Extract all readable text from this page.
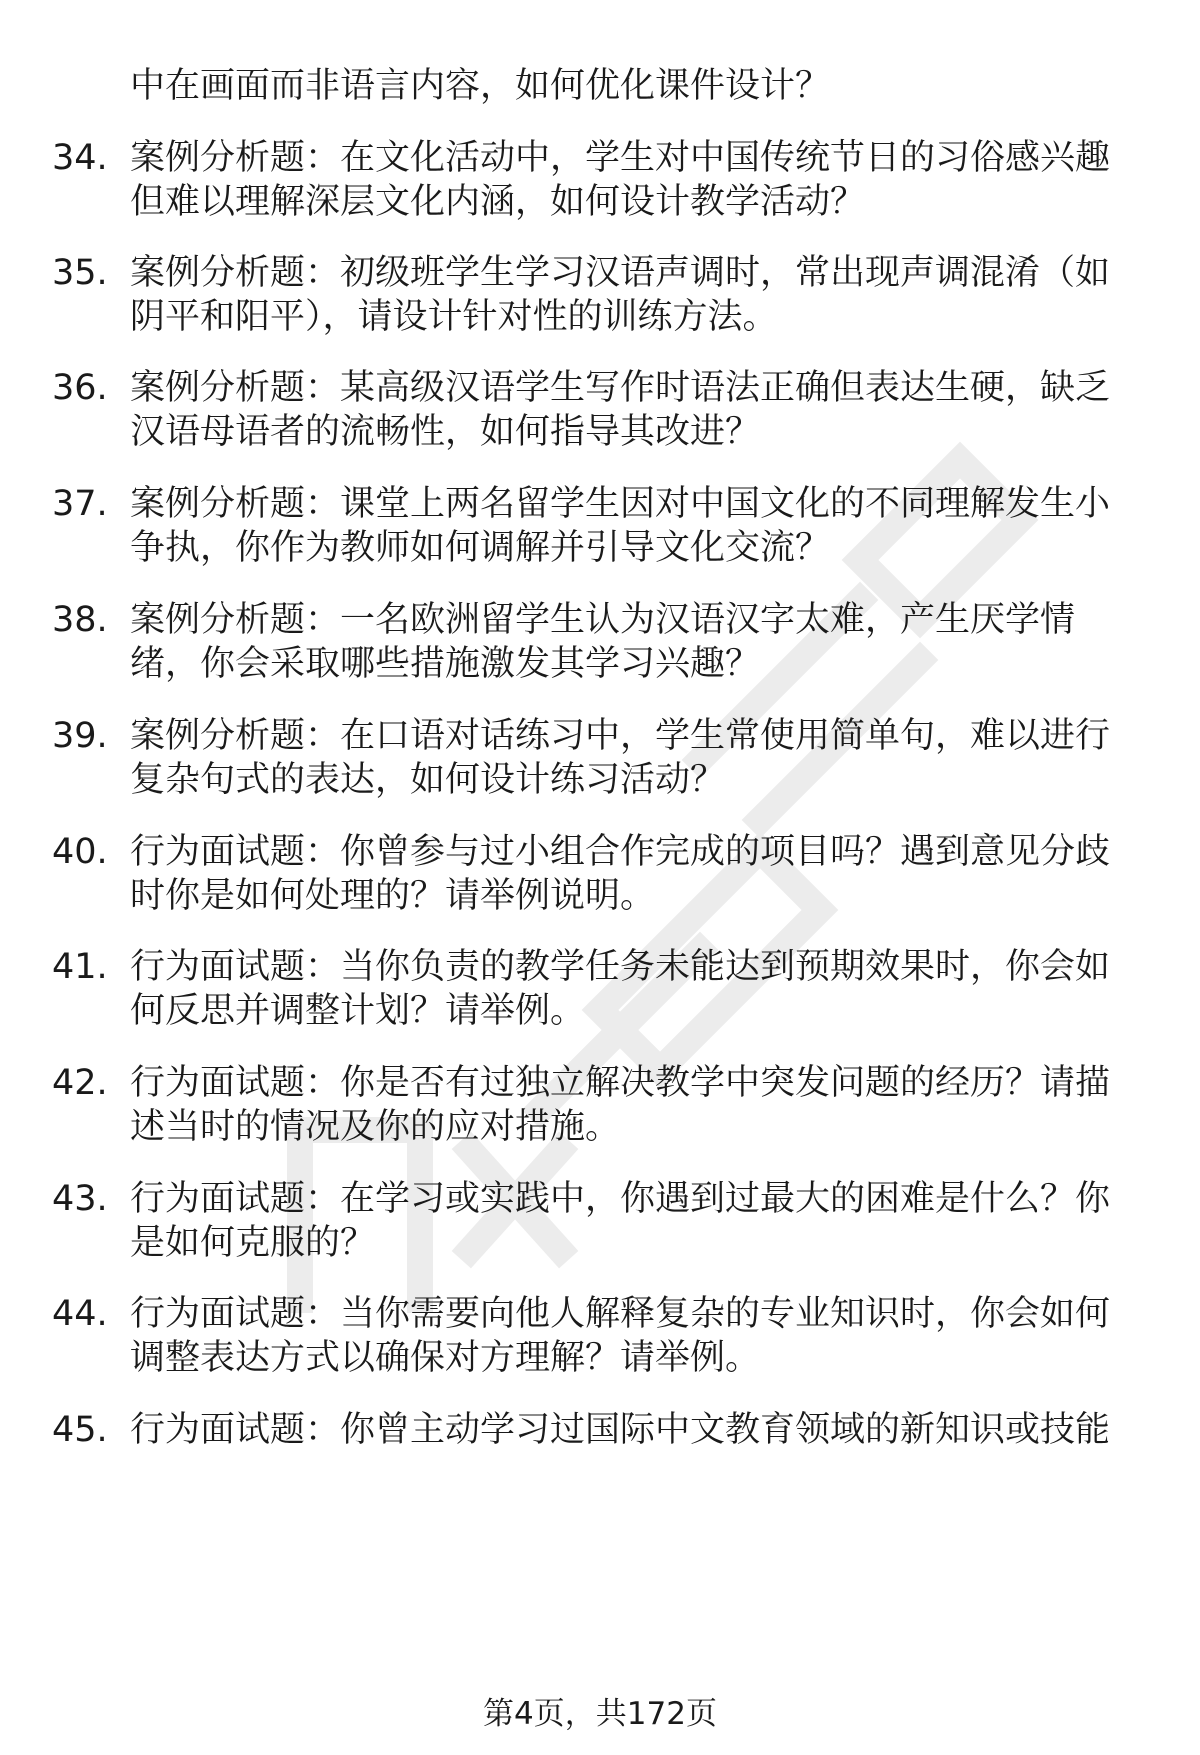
中在画面而非语言内容，如何优化课件设计？
34. 案例分析题：在文化活动中，学生对中国传统节日的习俗感兴趣
但难以理解深层文化内涵，如何设计教学活动？
35. 案例分析题：初级班学生学习汉语声调时，常出现声调混淆（如
阴平和阳平），请设计针对性的训练方法。
36. 案例分析题：某高级汉语学生写作时语法正确但表达生硬，缺乏
汉语母语者的流畅性，如何指导其改进？
37. 案例分析题：课堂上两名留学生因对中国文化的不同理解发生小
争执，你作为教师如何调解并引导文化交流？
38. 案例分析题：一名欧洲留学生认为汉语汉字太难，产生厌学情
绪，你会采取哪些措施激发其学习兴趣？
39. 案例分析题：在口语对话练习中，学生常使用简单句，难以进行
复杂句式的表达，如何设计练习活动？
40. 行为面试题：你曾参与过小组合作完成的项目吗？遇到意见分歧
时你是如何处理的？请举例说明。
41. 行为面试题：当你负责的教学任务未能达到预期效果时，你会如
何反思并调整计划？请举例。
42. 行为面试题：你是否有过独立解决教学中突发问题的经历？请描
述当时的情况及你的应对措施。
43. 行为面试题：在学习或实践中，你遇到过最大的困难是什么？你
是如何克服的？
44. 行为面试题：当你需要向他人解释复杂的专业知识时，你会如何
调整表达方式以确保对方理解？请举例。
45. 行为面试题：你曾主动学习过国际中文教育领域的新知识或技能
第4页，共172页
